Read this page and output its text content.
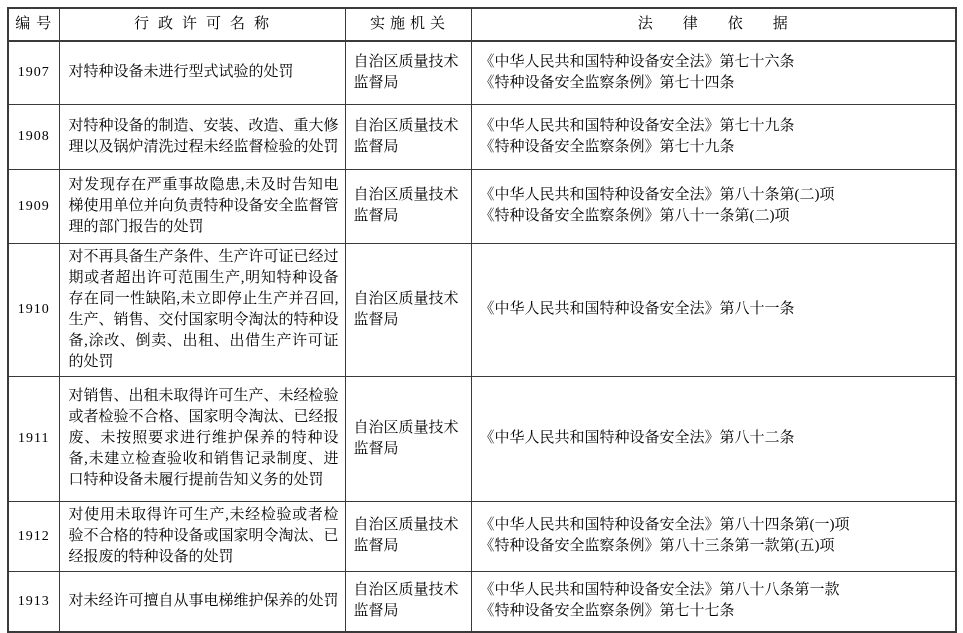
编号	行政许可名称	实施机关	法律依据
1907	对特种设备未进行型式试验的处罚	自治区质量技术监督局	《中华人民共和国特种设备安全法》第七十六条
《特种设备安全监察条例》第七十四条

1908	对特种设备的制造、安装、改造、重大修理以及锅炉清洗过程未经监督检验的处罚	自治区质量技术监督局	《中华人民共和国特种设备安全法》第七十九条
《特种设备安全监察条例》第七十九条

1909	对发现存在严重事故隐患,未及时告知电梯使用单位并向负责特种设备安全监督管理的部门报告的处罚	自治区质量技术监督局	《中华人民共和国特种设备安全法》第八十条第(二)项
《特种设备安全监察条例》第八十一条第(二)项

1910	对不再具备生产条件、生产许可证已经过期或者超出许可范围生产,明知特种设备存在同一性缺陷,未立即停止生产并召回,生产、销售、交付国家明令淘汰的特种设备,涂改、倒卖、出租、出借生产许可证的处罚	自治区质量技术监督局	《中华人民共和国特种设备安全法》第八十一条

1911	对销售、出租未取得许可生产、未经检验或者检验不合格、国家明令淘汰、已经报废、未按照要求进行维护保养的特种设备,未建立检查验收和销售记录制度、进口特种设备未履行提前告知义务的处罚	自治区质量技术监督局	《中华人民共和国特种设备安全法》第八十二条

1912	对使用未取得许可生产,未经检验或者检验不合格的特种设备或国家明令淘汰、已经报废的特种设备的处罚	自治区质量技术监督局	《中华人民共和国特种设备安全法》第八十四条第(一)项
《特种设备安全监察条例》第八十三条第一款第(五)项

1913	对未经许可擅自从事电梯维护保养的处罚	自治区质量技术监督局	《中华人民共和国特种设备安全法》第八十八条第一款
《特种设备安全监察条例》第七十七条
